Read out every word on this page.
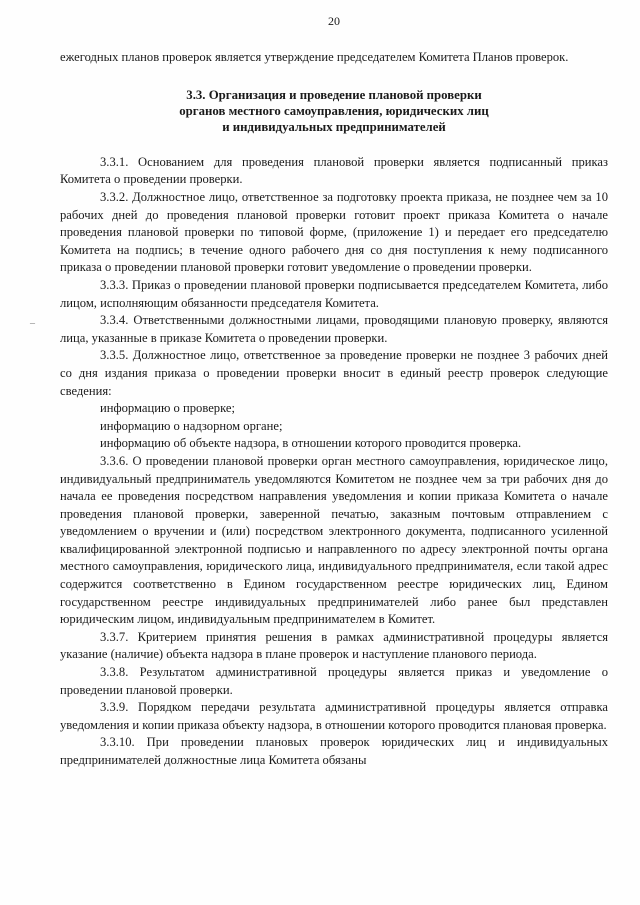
20

ежегодных планов проверок является утверждение председателем Комитета Планов проверок.

3.3. Организация и проведение плановой проверки
органов местного самоуправления, юридических лиц
и индивидуальных предпринимателей

3.3.1. Основанием для проведения плановой проверки является подписанный приказ Комитета о проведении проверки.

3.3.2. Должностное лицо, ответственное за подготовку проекта приказа, не позднее чем за 10 рабочих дней до проведения плановой проверки готовит проект приказа Комитета о начале проведения плановой проверки по типовой форме, (приложение 1) и передает его председателю Комитета на подпись; в течение одного рабочего дня со дня поступления к нему подписанного приказа о проведении плановой проверки готовит уведомление о проведении проверки.

3.3.3. Приказ о проведении плановой проверки подписывается председателем Комитета, либо лицом, исполняющим обязанности председателя Комитета.

3.3.4. Ответственными должностными лицами, проводящими плановую проверку, являются лица, указанные в приказе Комитета о проведении проверки.

3.3.5. Должностное лицо, ответственное за проведение проверки не позднее 3 рабочих дней со дня издания приказа о проведении проверки вносит в единый реестр проверок следующие сведения:

информацию о проверке;

информацию о надзорном органе;

информацию об объекте надзора, в отношении которого проводится проверка.

3.3.6. О проведении плановой проверки орган местного самоуправления, юридическое лицо, индивидуальный предприниматель уведомляются Комитетом не позднее чем за три рабочих дня до начала ее проведения посредством направления уведомления и копии приказа Комитета о начале проведения плановой проверки, заверенной печатью, заказным почтовым отправлением с уведомлением о вручении и (или) посредством электронного документа, подписанного усиленной квалифицированной электронной подписью и направленного по адресу электронной почты органа местного самоуправления, юридического лица, индивидуального предпринимателя, если такой адрес содержится соответственно в Едином государственном реестре юридических лиц, Едином государственном реестре индивидуальных предпринимателей либо ранее был представлен юридическим лицом, индивидуальным предпринимателем в Комитет.

3.3.7. Критерием принятия решения в рамках административной процедуры является указание (наличие) объекта надзора в плане проверок и наступление планового периода.

3.3.8. Результатом административной процедуры является приказ и уведомление о проведении плановой проверки.

3.3.9. Порядком передачи результата административной процедуры является отправка уведомления и копии приказа объекту надзора, в отношении которого проводится плановая проверка.

3.3.10. При проведении плановых проверок юридических лиц и индивидуальных предпринимателей должностные лица Комитета обязаны

–
